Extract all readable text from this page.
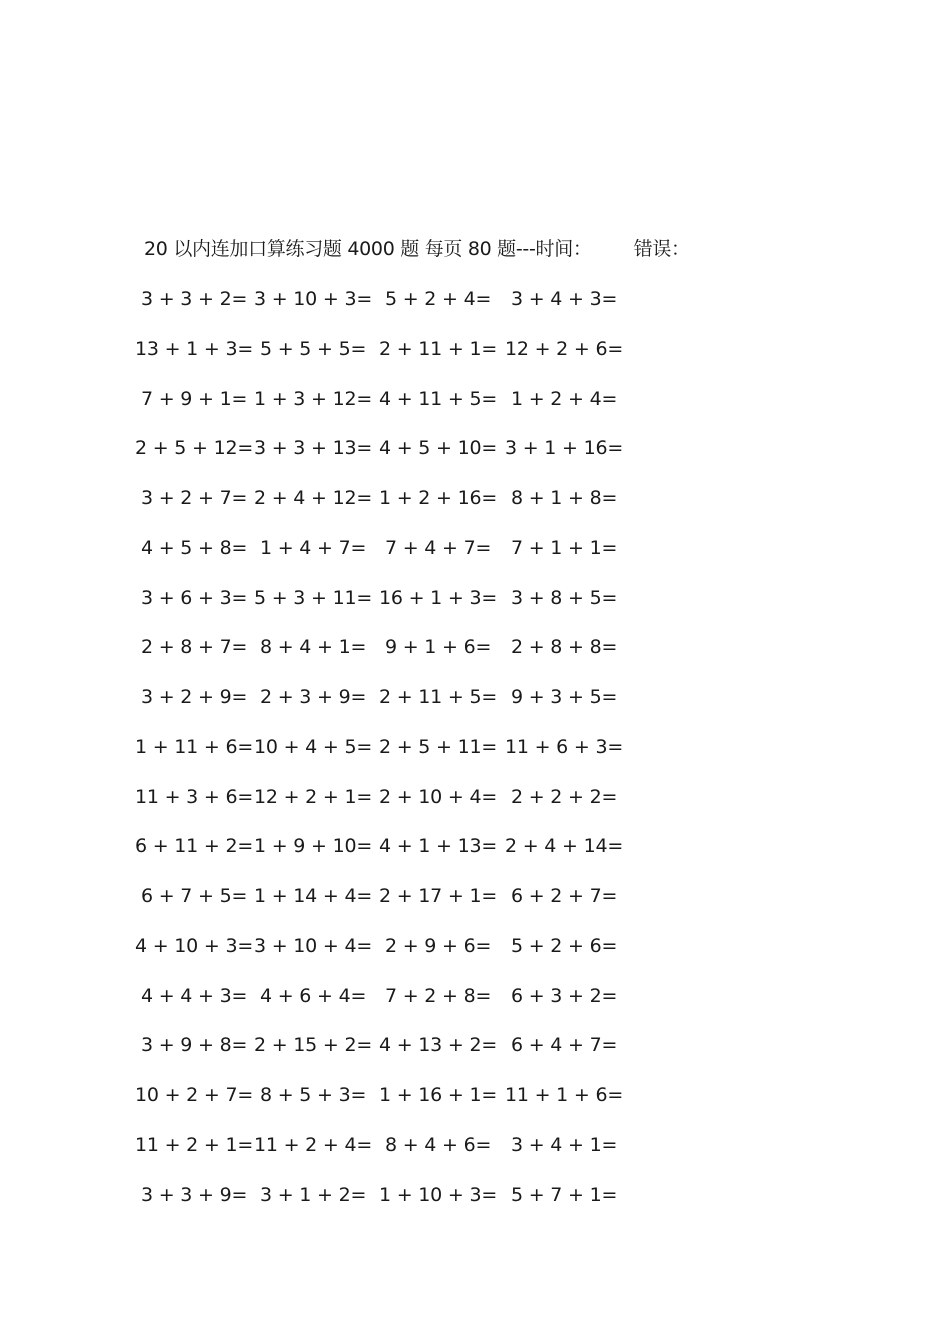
20 以内连加口算练习题 4000 题 每页 80 题---时间： 错误：
3 + 3 + 2= 3 + 10 + 3= 5 + 2 + 4= 3 + 4 + 3=
13 + 1 + 3= 5 + 5 + 5= 2 + 11 + 1= 12 + 2 + 6=
7 + 9 + 1= 1 + 3 + 12= 4 + 11 + 5= 1 + 2 + 4=
2 + 5 + 12= 3 + 3 + 13= 4 + 5 + 10= 3 + 1 + 16=
3 + 2 + 7= 2 + 4 + 12= 1 + 2 + 16= 8 + 1 + 8=
4 + 5 + 8= 1 + 4 + 7= 7 + 4 + 7= 7 + 1 + 1=
3 + 6 + 3= 5 + 3 + 11= 16 + 1 + 3= 3 + 8 + 5=
2 + 8 + 7= 8 + 4 + 1= 9 + 1 + 6= 2 + 8 + 8=
3 + 2 + 9= 2 + 3 + 9= 2 + 11 + 5= 9 + 3 + 5=
1 + 11 + 6= 10 + 4 + 5= 2 + 5 + 11= 11 + 6 + 3=
11 + 3 + 6= 12 + 2 + 1= 2 + 10 + 4= 2 + 2 + 2=
6 + 11 + 2= 1 + 9 + 10= 4 + 1 + 13= 2 + 4 + 14=
6 + 7 + 5= 1 + 14 + 4= 2 + 17 + 1= 6 + 2 + 7=
4 + 10 + 3= 3 + 10 + 4= 2 + 9 + 6= 5 + 2 + 6=
4 + 4 + 3= 4 + 6 + 4= 7 + 2 + 8= 6 + 3 + 2=
3 + 9 + 8= 2 + 15 + 2= 4 + 13 + 2= 6 + 4 + 7=
10 + 2 + 7= 8 + 5 + 3= 1 + 16 + 1= 11 + 1 + 6=
11 + 2 + 1= 11 + 2 + 4= 8 + 4 + 6= 3 + 4 + 1=
3 + 3 + 9= 3 + 1 + 2= 1 + 10 + 3= 5 + 7 + 1=
